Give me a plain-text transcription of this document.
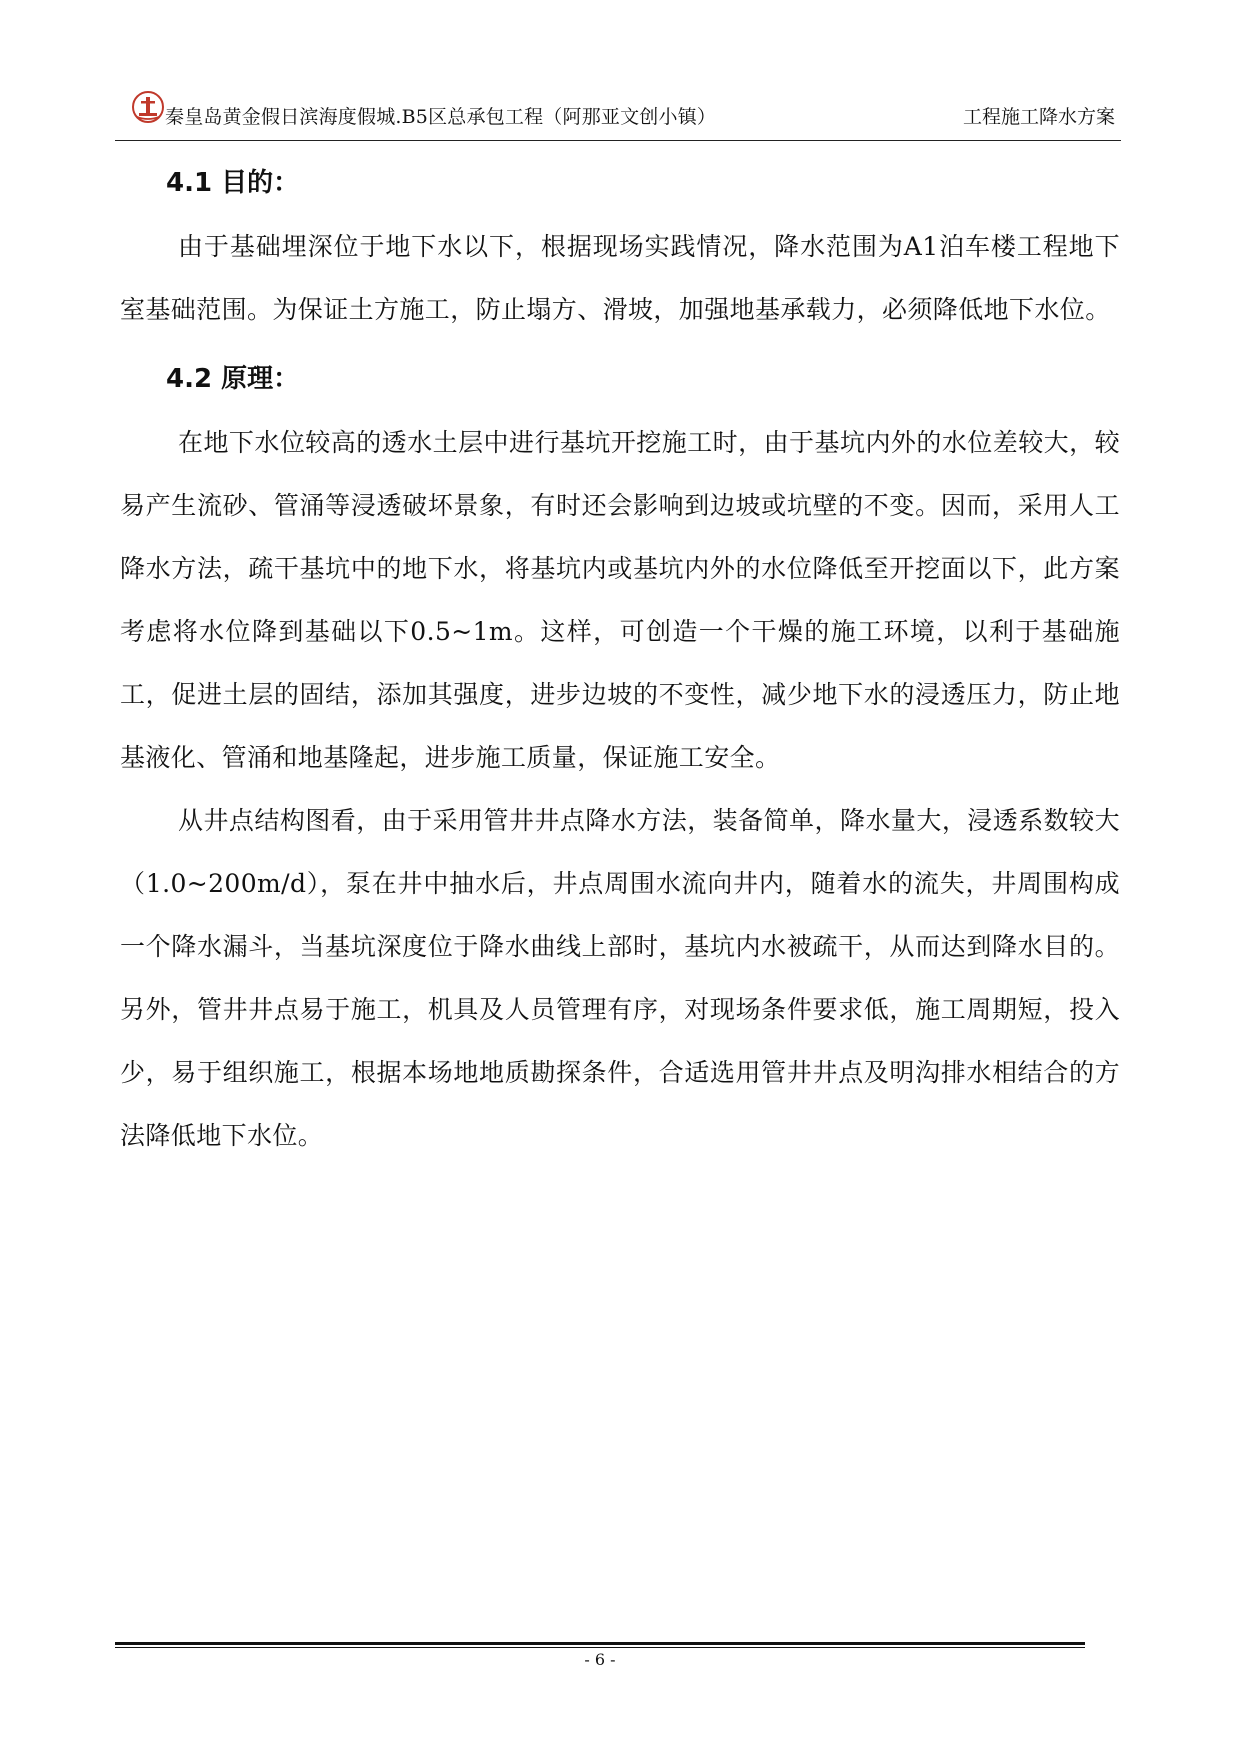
秦皇岛黄金假日滨海度假城.B5区总承包工程（阿那亚文创小镇）	工程施工降水方案
4.1 目的：

由于基础埋深位于地下水以下，根据现场实践情况，降水范围为A1泊车楼工程地下室基础范围。为保证土方施工，防止塌方、滑坡，加强地基承载力，必须降低地下水位。

4.2 原理：

在地下水位较高的透水土层中进行基坑开挖施工时，由于基坑内外的水位差较大，较易产生流砂、管涌等浸透破坏景象，有时还会影响到边坡或坑壁的不变。因而，采用人工降水方法，疏干基坑中的地下水，将基坑内或基坑内外的水位降低至开挖面以下，此方案考虑将水位降到基础以下0.5~1m。这样，可创造一个干燥的施工环境，以利于基础施工，促进土层的固结，添加其强度，进步边坡的不变性，减少地下水的浸透压力，防止地基液化、管涌和地基隆起，进步施工质量，保证施工安全。

从井点结构图看，由于采用管井井点降水方法，装备简单，降水量大，浸透系数较大（1.0~200m/d），泵在井中抽水后，井点周围水流向井内，随着水的流失，井周围构成一个降水漏斗，当基坑深度位于降水曲线上部时，基坑内水被疏干，从而达到降水目的。另外，管井井点易于施工，机具及人员管理有序，对现场条件要求低，施工周期短，投入少，易于组织施工，根据本场地地质勘探条件，合适选用管井井点及明沟排水相结合的方法降低地下水位。

- 6 -
